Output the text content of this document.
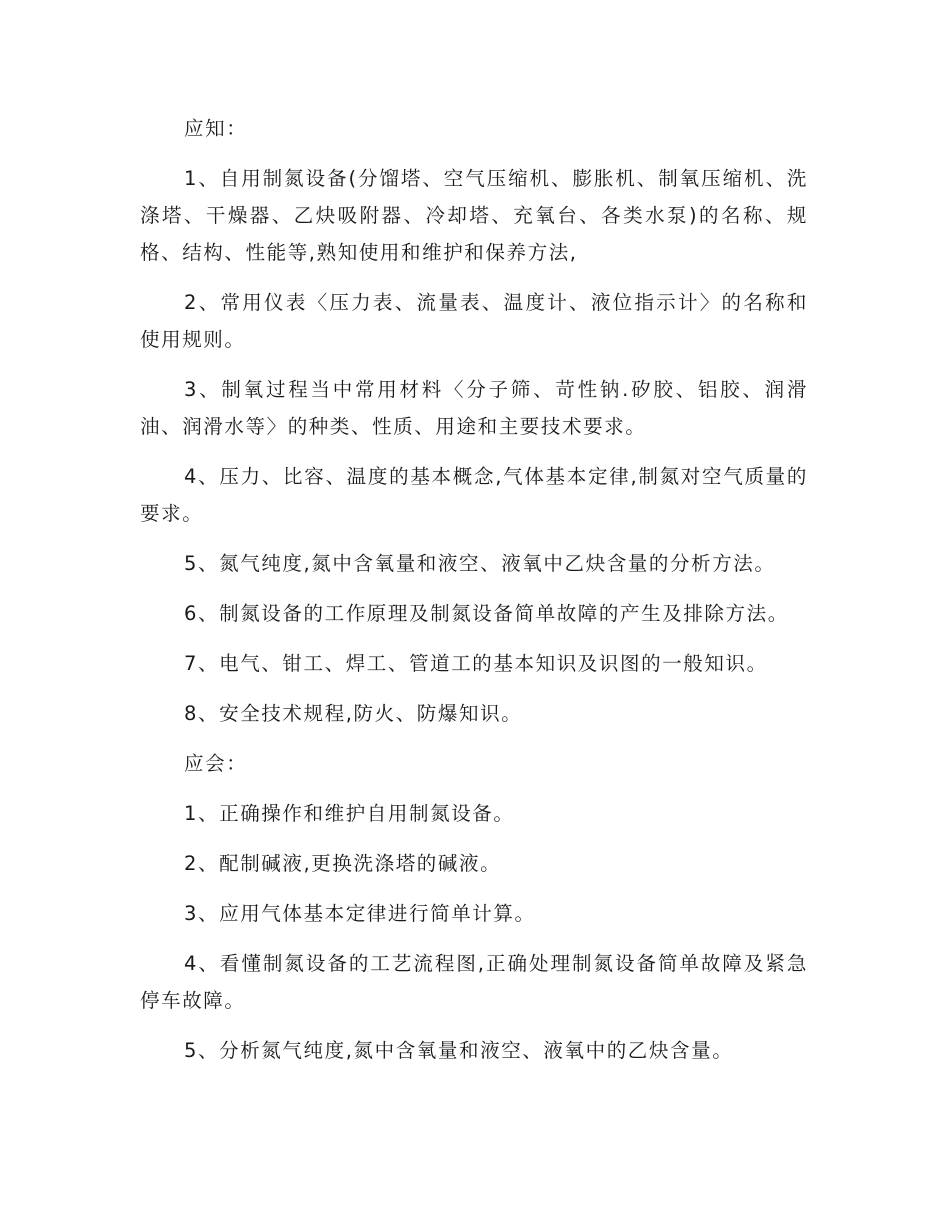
应知：

1、自用制氮设备(分馏塔、空气压缩机、膨胀机、制氧压缩机、洗涤塔、干燥器、乙炔吸附器、冷却塔、充氧台、各类水泵)的名称、规格、结构、性能等,熟知使用和维护和保养方法,

2、常用仪表〈压力表、流量表、温度计、液位指示计〉的名称和使用规则。

3、制氧过程当中常用材料〈分子筛、苛性钠.矽胶、铝胶、润滑油、润滑水等〉的种类、性质、用途和主要技术要求。

4、压力、比容、温度的基本概念,气体基本定律,制氮对空气质量的要求。

5、氮气纯度,氮中含氧量和液空、液氧中乙炔含量的分析方法。

6、制氮设备的工作原理及制氮设备简单故障的产生及排除方法。

7、电气、钳工、焊工、管道工的基本知识及识图的一般知识。

8、安全技术规程,防火、防爆知识。

应会：

1、正确操作和维护自用制氮设备。

2、配制碱液,更换洗涤塔的碱液。

3、应用气体基本定律进行简单计算。

4、看懂制氮设备的工艺流程图,正确处理制氮设备简单故障及紧急停车故障。

5、分析氮气纯度,氮中含氧量和液空、液氧中的乙炔含量。
